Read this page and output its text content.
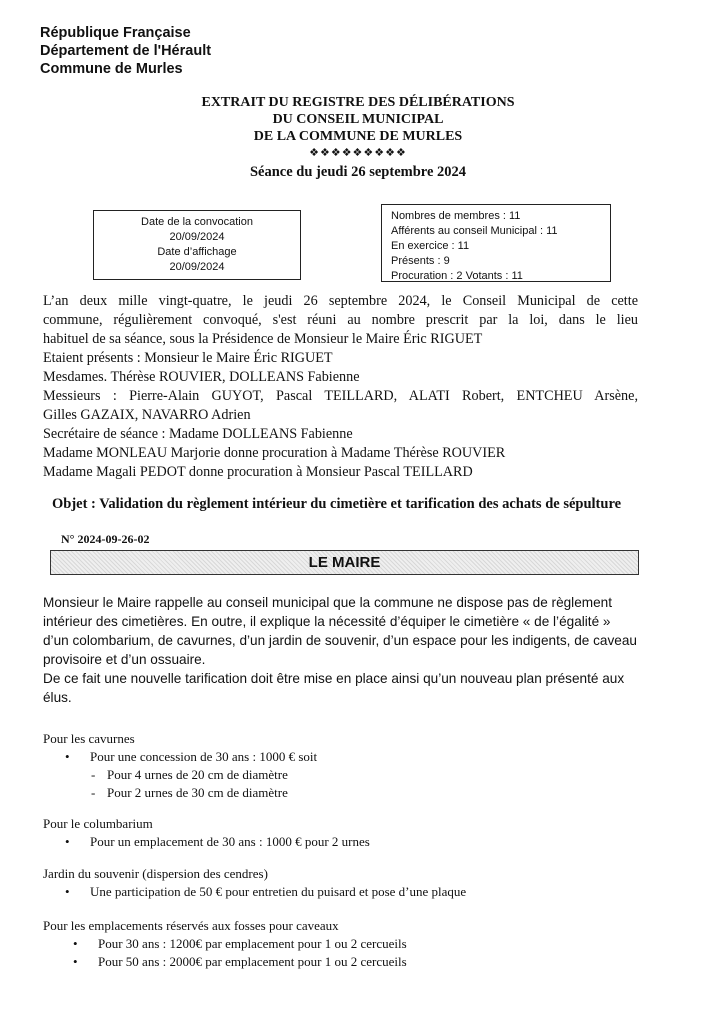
République Française
Département de l'Hérault
Commune de Murles
EXTRAIT DU REGISTRE DES DÉLIBÉRATIONS
DU CONSEIL MUNICIPAL
DE LA COMMUNE DE MURLES
❖❖❖❖❖❖❖❖❖
Séance du jeudi 26 septembre 2024
Date de la convocation
20/09/2024
Date d’affichage
20/09/2024
Nombres de membres : 11
Afférents au conseil Municipal : 11
En exercice : 11
Présents : 9
Procuration : 2 Votants : 11
L’an deux mille vingt-quatre, le jeudi 26 septembre 2024, le Conseil Municipal de cette
commune, régulièrement convoqué, s'est réuni au nombre prescrit par la loi, dans le lieu
habituel de sa séance, sous la Présidence de Monsieur le Maire Éric RIGUET
Etaient présents : Monsieur le Maire Éric RIGUET
Mesdames. Thérèse ROUVIER, DOLLEANS Fabienne
Messieurs : Pierre-Alain GUYOT, Pascal TEILLARD, ALATI Robert, ENTCHEU Arsène,
Gilles GAZAIX, NAVARRO Adrien
Secrétaire de séance : Madame DOLLEANS Fabienne
Madame MONLEAU Marjorie donne procuration à Madame Thérèse ROUVIER
Madame Magali PEDOT donne procuration à Monsieur Pascal TEILLARD
Objet : Validation du règlement intérieur du cimetière et tarification des achats de sépulture
N° 2024-09-26-02
LE MAIRE

Monsieur le Maire rappelle au conseil municipal que la commune ne dispose pas de règlement intérieur des cimetières. En outre, il explique la nécessité d’équiper le cimetière « de l’égalité » d’un colombarium, de cavurnes, d’un jardin de souvenir, d’un espace pour les indigents, de caveau provisoire et d’un ossuaire.

De ce fait une nouvelle tarification doit être mise en place ainsi qu’un nouveau plan présenté aux élus.

Pour les cavurnes
• Pour une concession de 30 ans : 1000 € soit
- Pour 4 urnes de 20 cm de diamètre
- Pour 2 urnes de 30 cm de diamètre
Pour le columbarium
• Pour un emplacement de 30 ans : 1000 € pour 2 urnes
Jardin du souvenir (dispersion des cendres)
• Une participation de 50 € pour entretien du puisard et pose d’une plaque
Pour les emplacements réservés aux fosses pour caveaux
• Pour 30 ans : 1200€ par emplacement pour 1 ou 2 cercueils
• Pour 50 ans : 2000€ par emplacement pour 1 ou 2 cercueils
